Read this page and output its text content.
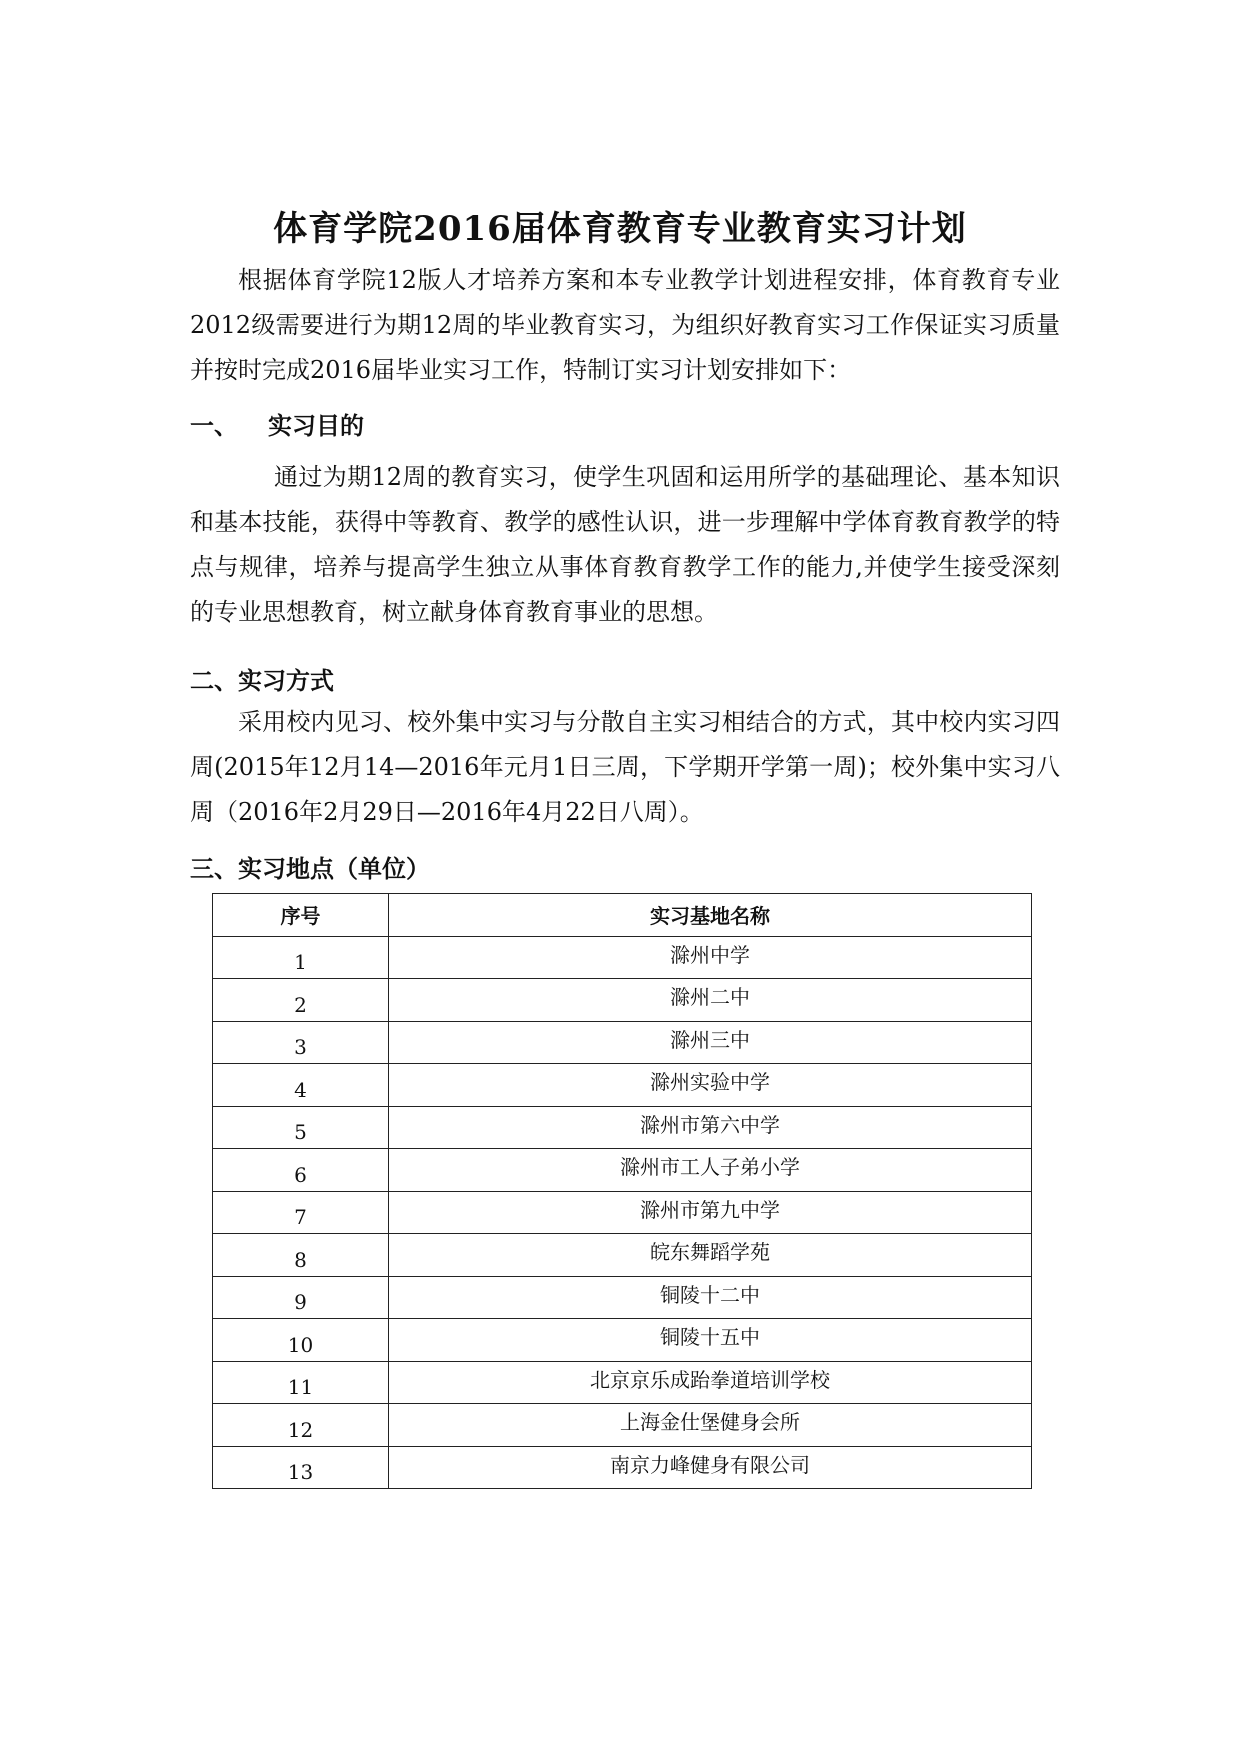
体育学院2016届体育教育专业教育实习计划

根据体育学院12版人才培养方案和本专业教学计划进程安排，体育教育专业2012级需要进行为期12周的毕业教育实习，为组织好教育实习工作保证实习质量并按时完成2016届毕业实习工作，特制订实习计划安排如下：

一、 实习目的

通过为期12周的教育实习，使学生巩固和运用所学的基础理论、基本知识和基本技能，获得中等教育、教学的感性认识，进一步理解中学体育教育教学的特点与规律，培养与提高学生独立从事体育教育教学工作的能力,并使学生接受深刻的专业思想教育，树立献身体育教育事业的思想。

二、实习方式

采用校内见习、校外集中实习与分散自主实习相结合的方式，其中校内实习四周(2015年12月14—2016年元月1日三周，下学期开学第一周)；校外集中实习八周（2016年2月29日—2016年4月22日八周）。

三、实习地点（单位）
序号	实习基地名称
1	滁州中学
2	滁州二中
3	滁州三中
4	滁州实验中学
5	滁州市第六中学
6	滁州市工人子弟小学
7	滁州市第九中学
8	皖东舞蹈学苑
9	铜陵十二中
10	铜陵十五中
11	北京京乐成跆拳道培训学校
12	上海金仕堡健身会所
13	南京力峰健身有限公司
